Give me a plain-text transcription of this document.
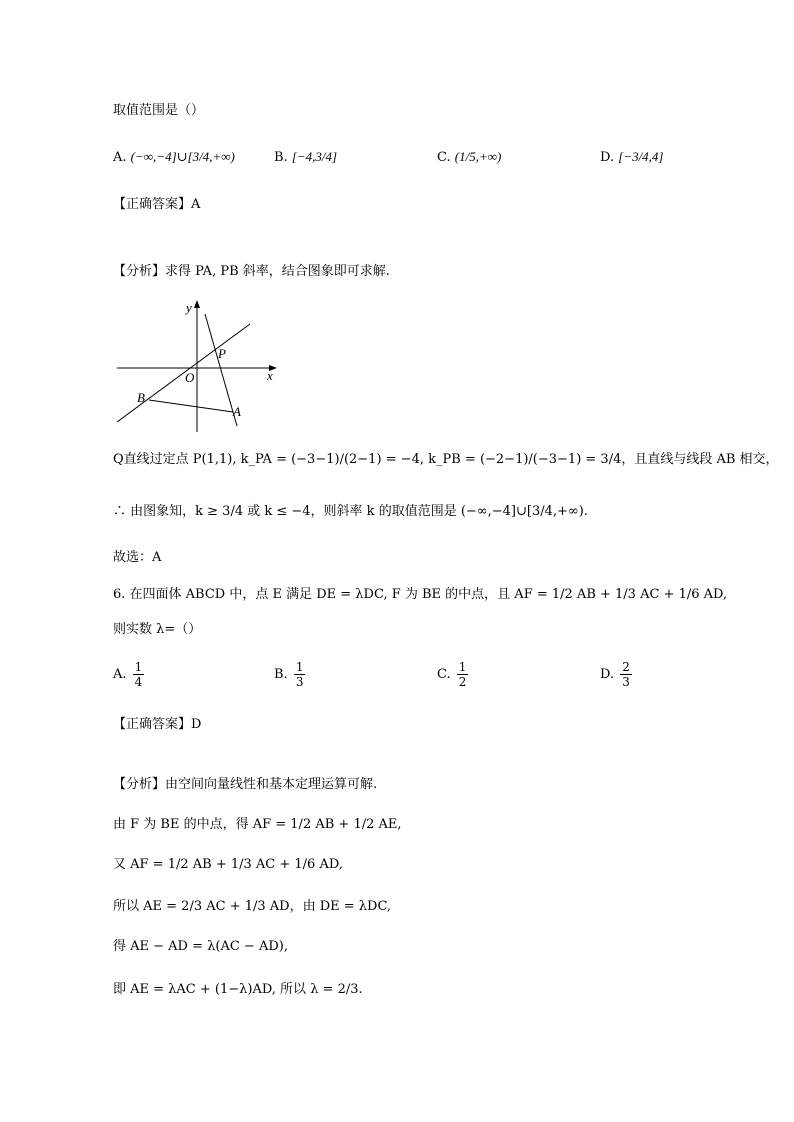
取值范围是（）
A. (−∞,−4]∪[3/4,+∞)	B. [−4,3/4]	C. (1/5,+∞)	D. [−3/4,4]
【正确答案】A
【分析】求得 PA, PB 斜率，结合图象即可求解.
y
x
P
O
B
A
Q直线过定点 P(1,1), k_PA = (−3−1)/(2−1) = −4, k_PB = (−2−1)/(−3−1) = 3/4，且直线与线段 AB 相交，
∴ 由图象知，k ≥ 3/4 或 k ≤ −4，则斜率 k 的取值范围是 (−∞,−4]∪[3/4,+∞).
故选：A
6. 在四面体 ABCD 中，点 E 满足 DE = λDC, F 为 BE 的中点，且 AF = 1/2 AB + 1/3 AC + 1/6 AD,
则实数 λ=（）
A. $\frac{1}{4}$	B. $\frac{1}{3}$	C. $\frac{1}{2}$	D. $\frac{2}{3}$
【正确答案】D
【分析】由空间向量线性和基本定理运算可解.
由 F 为 BE 的中点，得 AF = 1/2 AB + 1/2 AE,
又 AF = 1/2 AB + 1/3 AC + 1/6 AD,
所以 AE = 2/3 AC + 1/3 AD，由 DE = λDC,
得 AE − AD = λ(AC − AD),
即 AE = λAC + (1−λ)AD, 所以 λ = 2/3.
